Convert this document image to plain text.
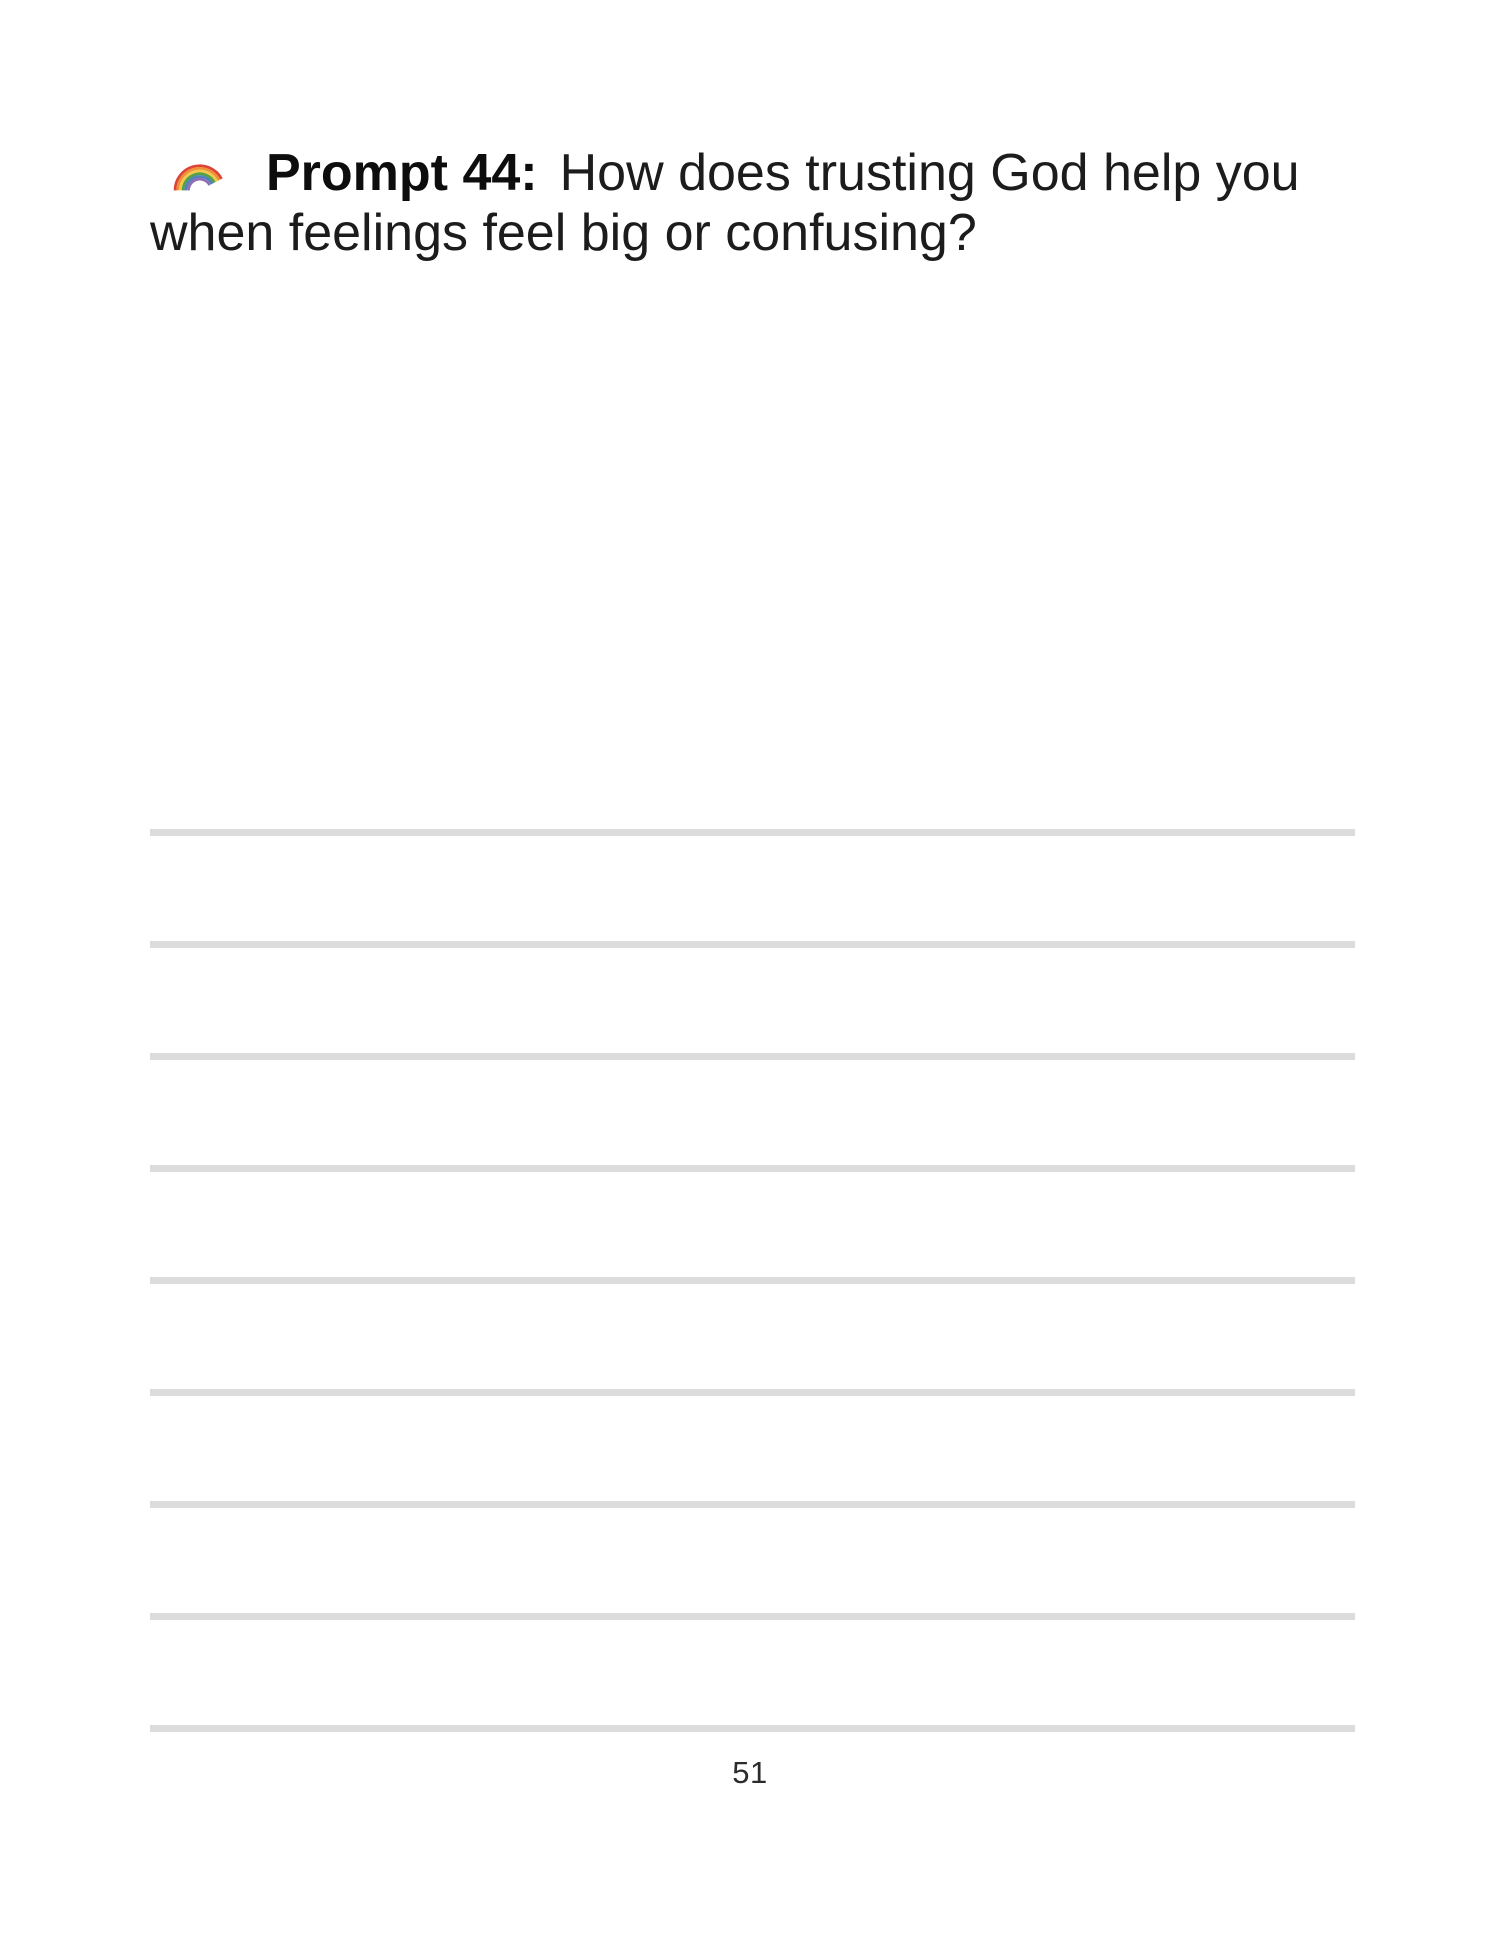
Prompt 44: How does trusting God help you when feelings feel big or confusing?
51
